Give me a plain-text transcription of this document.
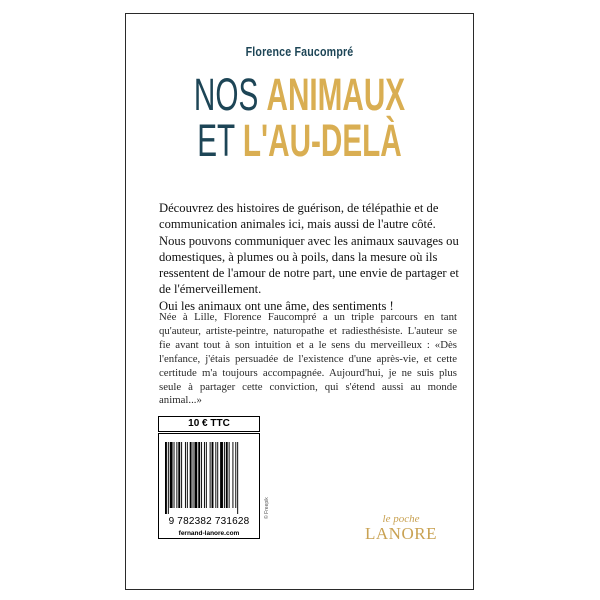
Florence Faucompré
NOS ANIMAUX
ET L'AU-DELÀ

Découvrez des histoires de guérison, de télépathie et de communication animales ici, mais aussi de l'autre côté. Nous pouvons communiquer avec les animaux sauvages ou domestiques, à plumes ou à poils, dans la mesure où ils ressentent de l'amour de notre part, une envie de partager et de l'émerveillement.

Oui les animaux ont une âme, des sentiments !

Née à Lille, Florence Faucompré a un triple parcours en tant qu'auteur, artiste-peintre, naturopathe et radiesthésiste. L'auteur se fie avant tout à son intuition et a le sens du merveilleux : «Dès l'enfance, j'étais persuadée de l'existence d'une après-vie, et cette certitude m'a toujours accompagnée. Aujourd'hui, je ne suis plus seule à partager cette conviction, qui s'étend aussi au monde animal...»
10 € TTC
9 782382 731628
fernand-lanore.com
© Freepik	le poche
LANORE
